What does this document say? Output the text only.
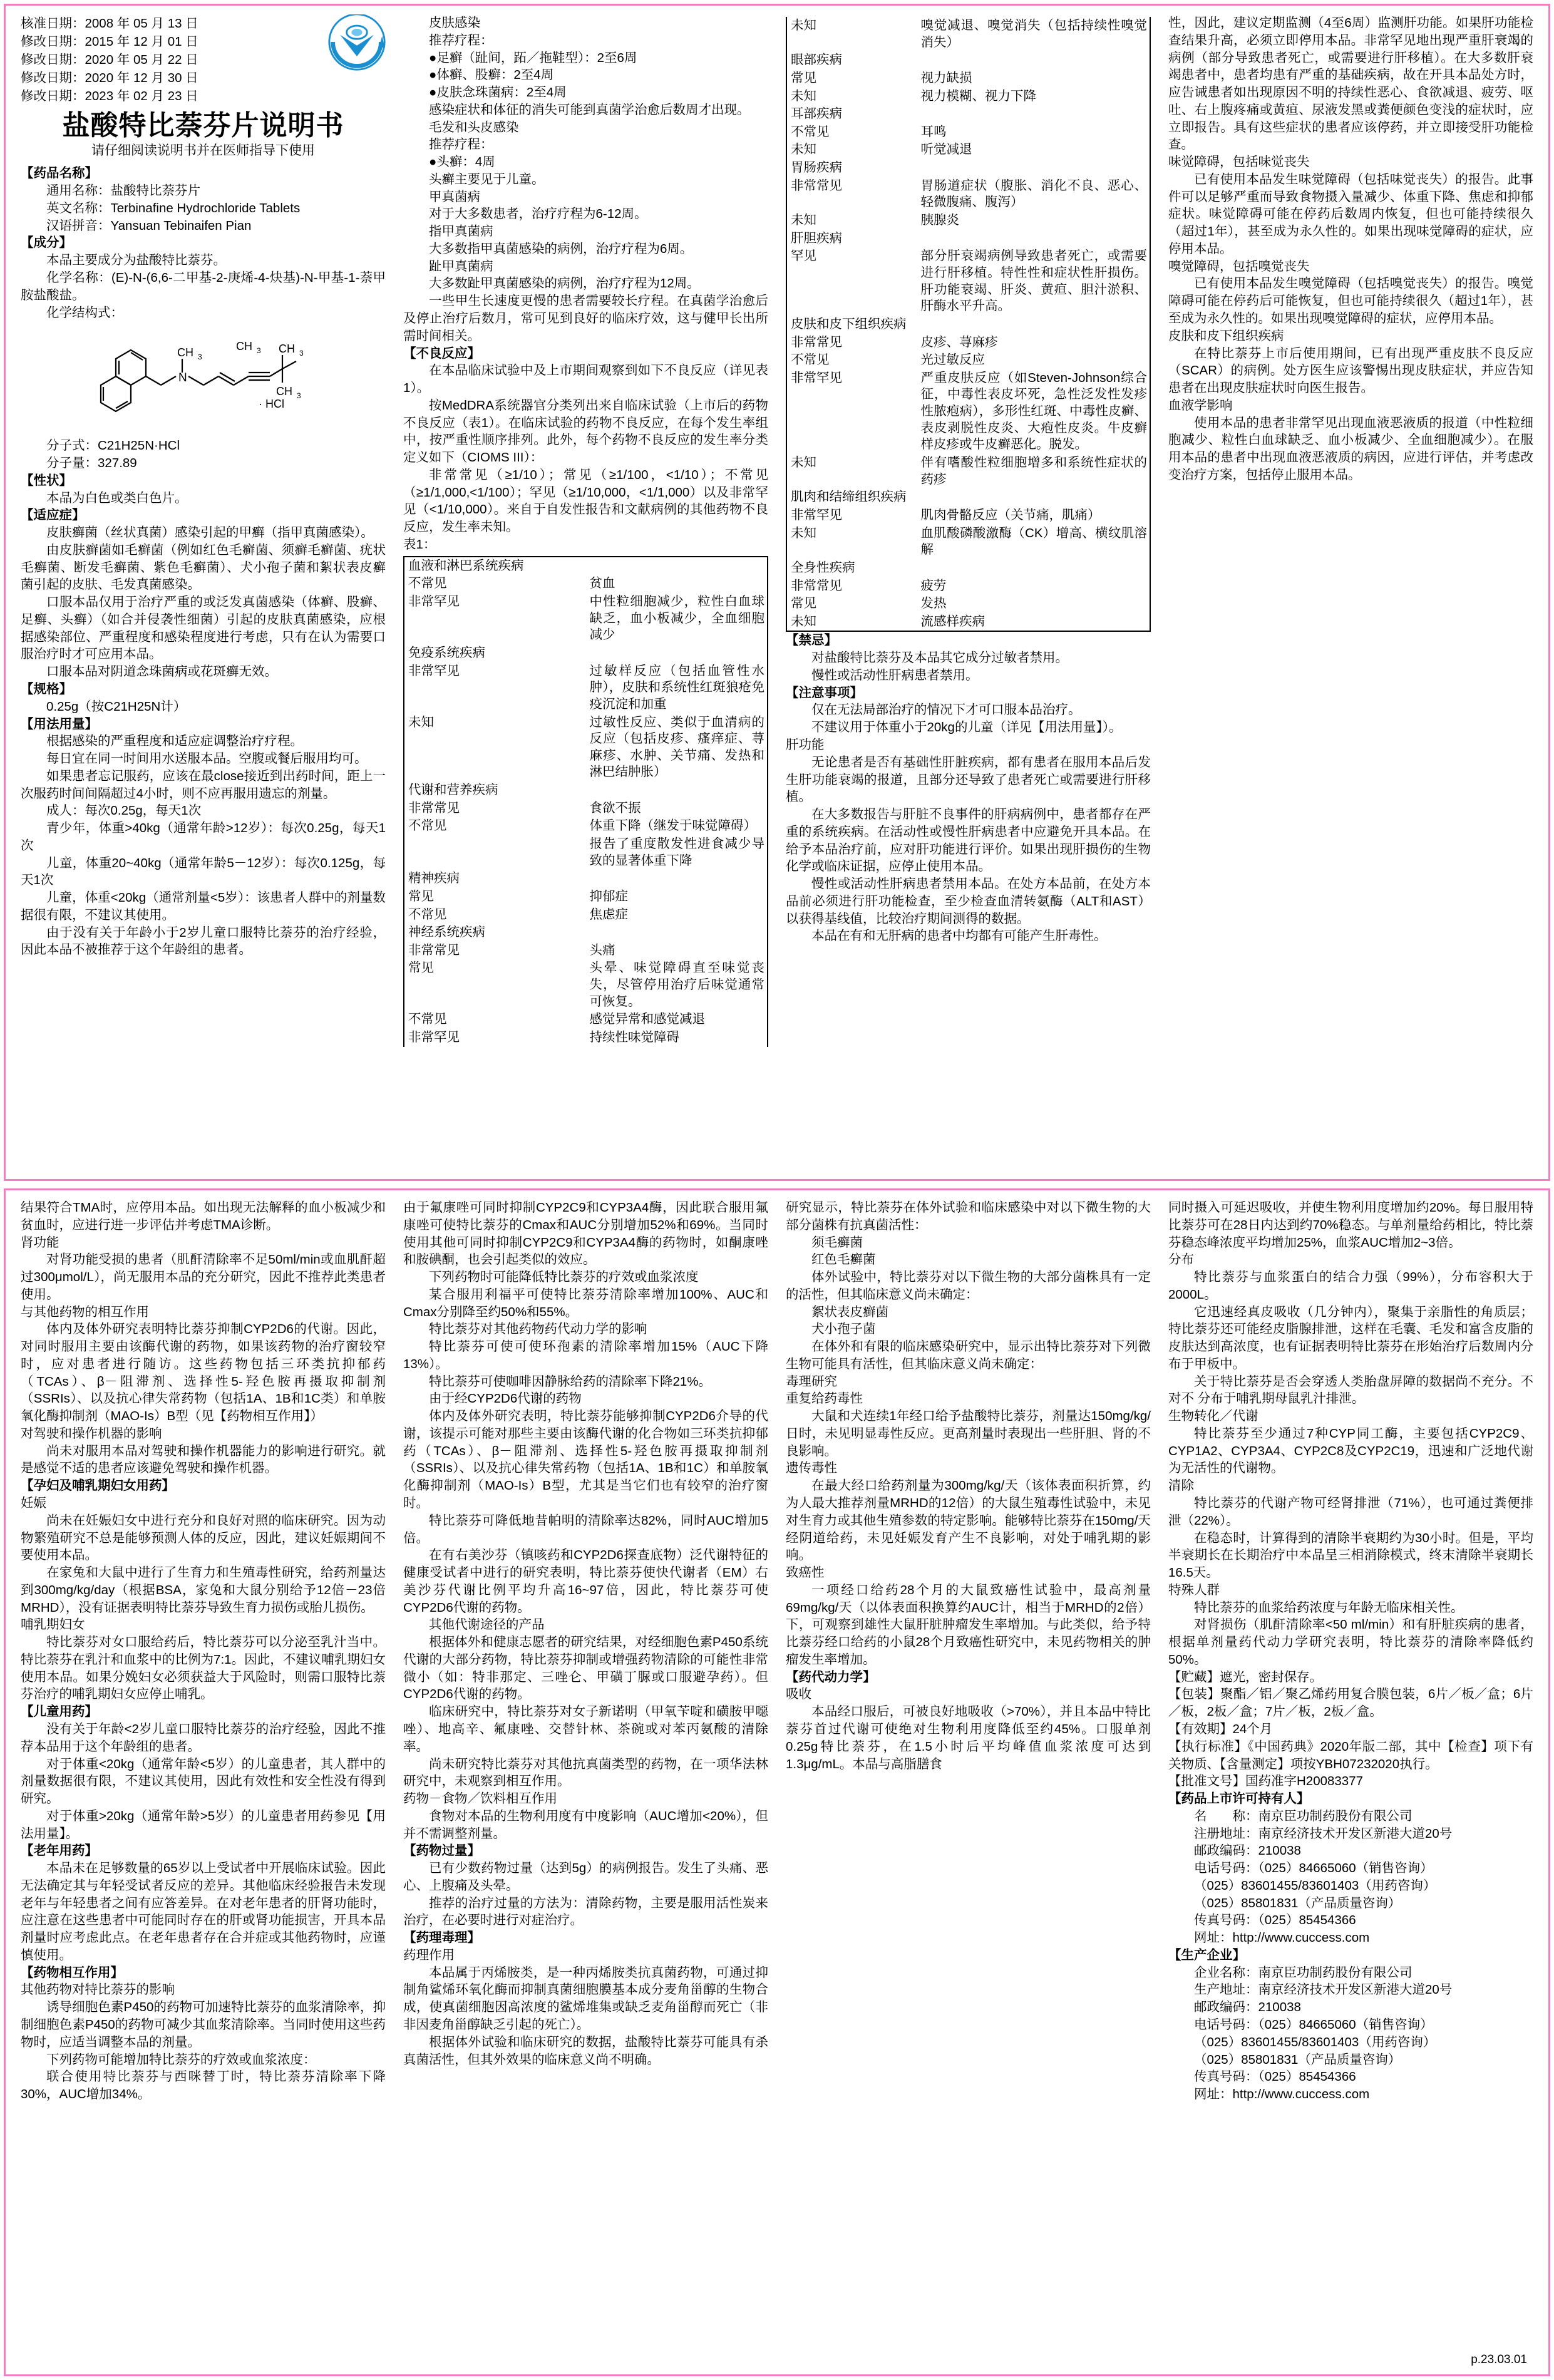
核准日期：2008 年 05 月 13 日
修改日期：2015 年 12 月 01 日
修改日期：2020 年 05 月 22 日
修改日期：2020 年 12 月 30 日
修改日期：2023 年 02 月 23 日
盐酸特比萘芬片说明书
请仔细阅读说明书并在医师指导下使用

【药品名称】

通用名称：盐酸特比萘芬片

英文名称：Terbinafine Hydrochloride Tablets

汉语拼音：Yansuan Tebinaifen Pian

【成分】

本品主要成分为盐酸特比萘芬。

化学名称：(E)-N-(6,6-二甲基-2-庚烯-4-炔基)-N-甲基-1-萘甲胺盐酸盐。

化学结构式：

CH 3
N
CH 3 CH 3
CH 3
· HCl

分子式：C21H25N·HCl

分子量：327.89

【性状】

本品为白色或类白色片。

【适应症】

皮肤癣菌（丝状真菌）感染引起的甲癣（指甲真菌感染）。

由皮肤癣菌如毛癣菌（例如红色毛癣菌、须癣毛癣菌、疣状毛癣菌、断发毛癣菌、紫色毛癣菌）、犬小孢子菌和絮状表皮癣菌引起的皮肤、毛发真菌感染。

口服本品仅用于治疗严重的或泛发真菌感染（体癣、股癣、足癣、头癣）（如合并侵袭性细菌）引起的皮肤真菌感染，应根据感染部位、严重程度和感染程度进行考虑，只有在认为需要口服治疗时才可应用本品。

口服本品对阴道念珠菌病或花斑癣无效。

【规格】

0.25g（按C21H25N计）

【用法用量】

根据感染的严重程度和适应症调整治疗疗程。

每日宜在同一时间用水送服本品。空腹或餐后服用均可。

如果患者忘记服药，应该在最close接近到出药时间，距上一次服药时间间隔超过4小时，则不应再服用遗忘的剂量。

成人：每次0.25g，每天1次

青少年，体重>40kg（通常年龄>12岁）：每次0.25g，每天1次

儿童，体重20~40kg（通常年龄5－12岁）：每次0.125g，每天1次

儿童，体重<20kg（通常剂量<5岁）：该患者人群中的剂量数据很有限，不建议其使用。

由于没有关于年龄小于2岁儿童口服特比萘芬的治疗经验，因此本品不被推荐于这个年龄组的患者。

皮肤感染

推荐疗程：

●足癣（趾间，跖／拖鞋型）：2至6周

●体癣、股癣：2至4周

●皮肤念珠菌病：2至4周

感染症状和体征的消失可能到真菌学治愈后数周才出现。

毛发和头皮感染

推荐疗程：

●头癣：4周

头癣主要见于儿童。

甲真菌病

对于大多数患者，治疗疗程为6-12周。

指甲真菌病

大多数指甲真菌感染的病例，治疗疗程为6周。

趾甲真菌病

大多数趾甲真菌感染的病例，治疗疗程为12周。

一些甲生长速度更慢的患者需要较长疗程。在真菌学治愈后及停止治疗后数月，常可见到良好的临床疗效，这与健甲长出所需时间相关。

【不良反应】

在本品临床试验中及上市期间观察到如下不良反应（详见表1）。

按MedDRA系统器官分类列出来自临床试验（上市后的药物不良反应（表1）。在临床试验的药物不良反应，在每个发生率组中，按严重性顺序排列。此外，每个药物不良反应的发生率分类定义如下（CIOMS III）：

非常常见（≥1/10）；常见（≥1/100，<1/10）；不常见（≥1/1,000,<1/100）；罕见（≥1/10,000，<1/1,000）以及非常罕见（<1/10,000）。来自于自发性报告和文献病例的其他药物不良反应，发生率未知。

表1：

血液和淋巴系统疾病	
不常见	贫血
非常罕见	中性粒细胞减少，粒性白血球缺乏，血小板减少，全血细胞减少
免疫系统疾病	
非常罕见	过敏样反应（包括血管性水肿），皮肤和系统性红斑狼疮免疫沉淀和加重
未知	过敏性反应、类似于血清病的反应（包括皮疹、瘙痒症、荨麻疹、水肿、关节痛、发热和淋巴结肿胀）
代谢和营养疾病	
非常常见	食欲不振
不常见	体重下降（继发于味觉障碍）
	报告了重度散发性进食减少导致的显著体重下降
精神疾病	
常见	抑郁症
不常见	焦虑症
神经系统疾病	
非常常见	头痛
常见	头晕、味觉障碍直至味觉丧失，尽管停用治疗后味觉通常可恢复。
不常见	感觉异常和感觉减退
非常罕见	持续性味觉障碍
未知	嗅觉减退、嗅觉消失（包括持续性嗅觉消失）
眼部疾病	
常见	视力缺损
未知	视力模糊、视力下降
耳部疾病	
不常见	耳鸣
未知	听觉减退
胃肠疾病	
非常常见	胃肠道症状（腹胀、消化不良、恶心、轻微腹痛、腹泻）
未知	胰腺炎
肝胆疾病	
罕见	部分肝衰竭病例导致患者死亡，或需要进行肝移植。特性性和症状性肝损伤。肝功能衰竭、肝炎、黄疸、胆汁淤积、肝酶水平升高。
皮肤和皮下组织疾病	
非常常见	皮疹、荨麻疹
不常见	光过敏反应
非常罕见	严重皮肤反应（如Steven-Johnson综合征，中毒性表皮坏死，急性泛发性发疹性脓疱病），多形性红斑、中毒性皮癣、表皮剥脱性皮炎、大疱性皮炎。牛皮癣样皮疹或牛皮癣恶化。脱发。
未知	伴有嗜酸性粒细胞增多和系统性症状的药疹
肌肉和结缔组织疾病	
非常罕见	肌肉骨骼反应（关节痛，肌痛）
未知	血肌酸磷酸激酶（CK）增高、横纹肌溶解
全身性疾病	
非常常见	疲劳
常见	发热
未知	流感样疾病

【禁忌】

对盐酸特比萘芬及本品其它成分过敏者禁用。

慢性或活动性肝病患者禁用。

【注意事项】

仅在无法局部治疗的情况下才可口服本品治疗。

不建议用于体重小于20kg的儿童（详见【用法用量】）。

肝功能

无论患者是否有基础性肝脏疾病，都有患者在服用本品后发生肝功能衰竭的报道，且部分还导致了患者死亡或需要进行肝移植。

在大多数报告与肝脏不良事件的肝病病例中，患者都存在严重的系统疾病。在活动性或慢性肝病患者中应避免开具本品。在给予本品治疗前，应对肝功能进行评价。如果出现肝损伤的生物化学或临床证据，应停止使用本品。

慢性或活动性肝病患者禁用本品。在处方本品前，在处方本品前必须进行肝功能检查，至少检查血清转氨酶（ALT和AST）以获得基线值，比较治疗期间测得的数据。

本品在有和无肝病的患者中均都有可能产生肝毒性。

性，因此，建议定期监测（4至6周）监测肝功能。如果肝功能检查结果升高，必须立即停用本品。非常罕见地出现严重肝衰竭的病例（部分导致患者死亡，或需要进行肝移植）。在大多数肝衰竭患者中，患者均患有严重的基础疾病，故在开具本品处方时，应告诫患者如出现原因不明的持续性恶心、食欲减退、疲劳、呕吐、右上腹疼痛或黄疸、尿液发黑或粪便颜色变浅的症状时，应立即报告。具有这些症状的患者应该停药，并立即接受肝功能检查。

味觉障碍，包括味觉丧失

已有使用本品发生味觉障碍（包括味觉丧失）的报告。此事件可以足够严重而导致食物摄入量减少、体重下降、焦虑和抑郁症状。味觉障碍可能在停药后数周内恢复，但也可能持续很久（超过1年），甚至成为永久性的。如果出现味觉障碍的症状，应停用本品。

嗅觉障碍，包括嗅觉丧失

已有使用本品发生嗅觉障碍（包括嗅觉丧失）的报告。嗅觉障碍可能在停药后可能恢复，但也可能持续很久（超过1年），甚至成为永久性的。如果出现嗅觉障碍的症状，应停用本品。

皮肤和皮下组织疾病

在特比萘芬上市后使用期间，已有出现严重皮肤不良反应（SCAR）的病例。处方医生应该警惕出现皮肤症状，并应告知患者在出现皮肤症状时向医生报告。

血液学影响

使用本品的患者非常罕见出现血液恶液质的报道（中性粒细胞减少、粒性白血球缺乏、血小板减少、全血细胞减少）。在服用本品的患者中出现血液恶液质的病因，应进行评估，并考虑改变治疗方案，包括停止服用本品。

结果符合TMA时，应停用本品。如出现无法解释的血小板减少和贫血时，应进行进一步评估并考虑TMA诊断。

肾功能

对肾功能受损的患者（肌酐清除率不足50ml/min或血肌酐超过300μmol/L），尚无服用本品的充分研究，因此不推荐此类患者使用。

与其他药物的相互作用

体内及体外研究表明特比萘芬抑制CYP2D6的代谢。因此，对同时服用主要由该酶代谢的药物，如果该药物的治疗窗较窄时，应对患者进行随访。这些药物包括三环类抗抑郁药（TCAs）、β－阻滞剂、选择性5-羟色胺再摄取抑制剂（SSRIs）、以及抗心律失常药物（包括1A、1B和1C类）和单胺氧化酶抑制剂（MAO-Is）B型（见【药物相互作用】）

对驾驶和操作机器的影响

尚未对服用本品对驾驶和操作机器能力的影响进行研究。就是感觉不适的患者应该避免驾驶和操作机器。

【孕妇及哺乳期妇女用药】

妊娠

尚未在妊娠妇女中进行充分和良好对照的临床研究。因为动物繁殖研究不总是能够预测人体的反应，因此，建议妊娠期间不要使用本品。

在家兔和大鼠中进行了生育力和生殖毒性研究，给药剂量达到300mg/kg/day（根据BSA，家兔和大鼠分别给予12倍－23倍MRHD），没有证据表明特比萘芬导致生育力损伤或胎儿损伤。

哺乳期妇女

特比萘芬对女口服给药后，特比萘芬可以分泌至乳汁当中。特比萘芬在乳汁和血浆中的比例为7:1。因此，不建议哺乳期妇女使用本品。如果分娩妇女必须获益大于风险时，则需口服特比萘芬治疗的哺乳期妇女应停止哺乳。

【儿童用药】

没有关于年龄<2岁儿童口服特比萘芬的治疗经验，因此不推荐本品用于这个年龄组的患者。

对于体重<20kg（通常年龄<5岁）的儿童患者，其人群中的剂量数据很有限，不建议其使用，因此有效性和安全性没有得到研究。

对于体重>20kg（通常年龄>5岁）的儿童患者用药参见【用法用量】。

【老年用药】

本品未在足够数量的65岁以上受试者中开展临床试验。因此无法确定其与年轻受试者反应的差异。其他临床经验报告未发现老年与年轻患者之间有应答差异。在对老年患者的肝肾功能时，应注意在这些患者中可能同时存在的肝或肾功能损害，开具本品剂量时应考虑此点。在老年患者存在合并症或其他药物时，应谨慎使用。

【药物相互作用】

其他药物对特比萘芬的影响

诱导细胞色素P450的药物可加速特比萘芬的血浆清除率，抑制细胞色素P450的药物可减少其血浆清除率。当同时使用这些药物时，应适当调整本品的剂量。

下列药物可能增加特比萘芬的疗效或血浆浓度：

联合使用特比萘芬与西咪替丁时，特比萘芬清除率下降30%，AUC增加34%。

由于氟康唑可同时抑制CYP2C9和CYP3A4酶，因此联合服用氟康唑可使特比萘芬的Cmax和AUC分别增加52%和69%。当同时使用其他可同时抑制CYP2C9和CYP3A4酶的药物时，如酮康唑和胺碘酮，也会引起类似的效应。

下列药物时可能降低特比萘芬的疗效或血浆浓度

某合服用利福平可使特比萘芬清除率增加100%、AUC和Cmax分别降至约50%和55%。

特比萘芬对其他药物药代动力学的影响

特比萘芬可使可使环孢素的清除率增加15%（AUC下降13%）。

特比萘芬可使咖啡因静脉给药的清除率下降21%。

由于经CYP2D6代谢的药物

体内及体外研究表明，特比萘芬能够抑制CYP2D6介导的代谢，该提示可能对那些主要由该酶代谢的化合物如三环类抗抑郁药（TCAs）、β－阻滞剂、选择性5-羟色胺再摄取抑制剂（SSRIs）、以及抗心律失常药物（包括1A、1B和1C）和单胺氧化酶抑制剂（MAO-Is）B型，尤其是当它们也有较窄的治疗窗时。

特比萘芬可降低地昔帕明的清除率达82%，同时AUC增加5倍。

在有右美沙芬（镇咳药和CYP2D6探查底物）泛代谢特征的健康受试者中进行的研究表明，特比萘芬使快代谢者（EM）右美沙芬代谢比例平均升高16~97倍，因此，特比萘芬可使CYP2D6代谢的药物。

其他代谢途径的产品

根据体外和健康志愿者的研究结果，对经细胞色素P450系统代谢的大部分药物，特比萘芬抑制或增强药物清除的可能性非常微小（如：特非那定、三唑仑、甲磺丁脲或口服避孕药）。但CYP2D6代谢的药物。

临床研究中，特比萘芬对女子新诺明（甲氧苄啶和磺胺甲噁唑）、地高辛、氟康唑、交替针林、茶碗或对苯丙氨酸的清除率。

尚未研究特比萘芬对其他抗真菌类型的药物，在一项华法林研究中，未观察到相互作用。

药物－食物／饮料相互作用

食物对本品的生物利用度有中度影响（AUC增加<20%），但并不需调整剂量。

【药物过量】

已有少数药物过量（达到5g）的病例报告。发生了头痛、恶心、上腹痛及头晕。

推荐的治疗过量的方法为：清除药物，主要是服用活性炭来治疗，在必要时进行对症治疗。

【药理毒理】

药理作用

本品属于丙烯胺类，是一种丙烯胺类抗真菌药物，可通过抑制角鲨烯环氧化酶而抑制真菌细胞膜基本成分麦角甾醇的生物合成，使真菌细胞因高浓度的鲨烯堆集或缺乏麦角甾醇而死亡（非非因麦角甾醇缺乏引起的死亡）。

根据体外试验和临床研究的数据，盐酸特比萘芬可能具有杀真菌活性，但其外效果的临床意义尚不明确。

研究显示，特比萘芬在体外试验和临床感染中对以下微生物的大部分菌株有抗真菌活性：

须毛癣菌

红色毛癣菌

体外试验中，特比萘芬对以下微生物的大部分菌株具有一定的活性，但其临床意义尚未确定：

絮状表皮癣菌

犬小孢子菌

在体外和有限的临床感染研究中，显示出特比萘芬对下列微生物可能具有活性，但其临床意义尚未确定：

毒理研究

重复给药毒性

大鼠和犬连续1年经口给予盐酸特比萘芬，剂量达150mg/kg/日时，未见明显毒性反应。更高剂量时表现出一些肝胆、肾的不良影响。

遗传毒性

在最大经口给药剂量为300mg/kg/天（该体表面积折算，约为人最大推荐剂量MRHD的12倍）的大鼠生殖毒性试验中，未见对生育力或其他生殖参数的特定影响。能够特比萘芬在150mg/天经阴道给药，未见妊娠发育产生不良影响，对处于哺乳期的影响。

致癌性

一项经口给药28个月的大鼠致癌性试验中，最高剂量69mg/kg/天（以体表面积换算约AUC计，相当于MRHD的2倍）下，可观察到雄性大鼠肝脏肿瘤发生率增加。与此类似，给予特比萘芬经口给药的小鼠28个月致癌性研究中，未见药物相关的肿瘤发生率增加。

【药代动力学】

吸收

本品经口服后，可被良好地吸收（>70%），并且本品中特比萘芬首过代谢可使绝对生物利用度降低至约45%。口服单剂0.25g特比萘芬，在1.5小时后平均峰值血浆浓度可达到1.3μg/mL。本品与高脂膳食

同时摄入可延迟吸收，并使生物利用度增加约20%。每日服用特比萘芬可在28日内达到约70%稳态。与单剂量给药相比，特比萘芬稳态峰浓度平均增加25%，血浆AUC增加2~3倍。

分布

特比萘芬与血浆蛋白的结合力强（99%），分布容积大于2000L。

它迅速经真皮吸收（几分钟内），聚集于亲脂性的角质层；特比萘芬还可能经皮脂腺排泄，这样在毛囊、毛发和富含皮脂的皮肤达到高浓度，也有证据表明特比萘芬在形始治疗后数周内分布于甲板中。

关于特比萘芬是否会穿透人类胎盘屏障的数据尚不充分。不对不 分布于哺乳期母鼠乳汁排泄。

生物转化／代谢

特比萘芬至少通过7种CYP同工酶，主要包括CYP2C9、CYP1A2、CYP3A4、CYP2C8及CYP2C19，迅速和广泛地代谢为无活性的代谢物。

清除

特比萘芬的代谢产物可经肾排泄（71%），也可通过粪便排泄（22%）。

在稳态时，计算得到的清除半衰期约为30小时。但是，平均半衰期长在长期治疗中本品呈三相消除模式，终末清除半衰期长16.5天。

特殊人群

特比萘芬的血浆给药浓度与年龄无临床相关性。

对肾损伤（肌酐清除率<50 ml/min）和有肝脏疾病的患者，根据单剂量药代动力学研究表明，特比萘芬的清除率降低约50%。

【贮藏】遮光，密封保存。

【包装】聚酯／铝／聚乙烯药用复合膜包装，6片／板／盒；6片／板，2板／盒；7片／板，2板／盒。

【有效期】24个月

【执行标准】《中国药典》2020年版二部，其中【检查】项下有关物质、【含量测定】项按YBH07232020执行。

【批准文号】国药准字H20083377

【药品上市许可持有人】

名　　称：南京臣功制药股份有限公司

注册地址：南京经济技术开发区新港大道20号

邮政编码：210038

电话号码：（025）84665060（销售咨询）

（025）83601455/83601403（用药咨询）

（025）85801831（产品质量咨询）

传真号码：（025）85454366

网址：http://www.cuccess.com

【生产企业】

企业名称：南京臣功制药股份有限公司

生产地址：南京经济技术开发区新港大道20号

邮政编码：210038

电话号码：（025）84665060（销售咨询）

（025）83601455/83601403（用药咨询）

（025）85801831（产品质量咨询）

传真号码：（025）85454366

网址：http://www.cuccess.com

p.23.03.01
